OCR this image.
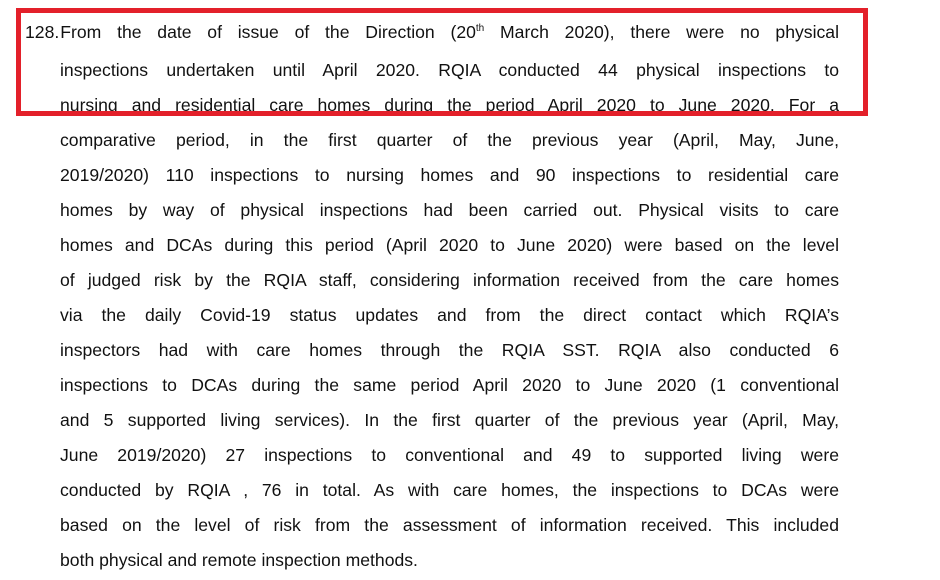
128.From the date of issue of the Direction (20th March 2020), there were no physical
inspections undertaken until April 2020. RQIA conducted 44 physical inspections to
nursing and residential care homes during the period April 2020 to June 2020. For a
comparative period, in the first quarter of the previous year (April, May, June,
2019/2020) 110 inspections to nursing homes and 90 inspections to residential care
homes by way of physical inspections had been carried out. Physical visits to care
homes and DCAs during this period (April 2020 to June 2020) were based on the level
of judged risk by the RQIA staff, considering information received from the care homes
via the daily Covid-19 status updates and from the direct contact which RQIA’s
inspectors had with care homes through the RQIA SST. RQIA also conducted 6
inspections to DCAs during the same period April 2020 to June 2020 (1 conventional
and 5 supported living services). In the first quarter of the previous year (April, May,
June 2019/2020) 27 inspections to conventional and 49 to supported living were
conducted by RQIA , 76 in total. As with care homes, the inspections to DCAs were
based on the level of risk from the assessment of information received. This included
both physical and remote inspection methods.
